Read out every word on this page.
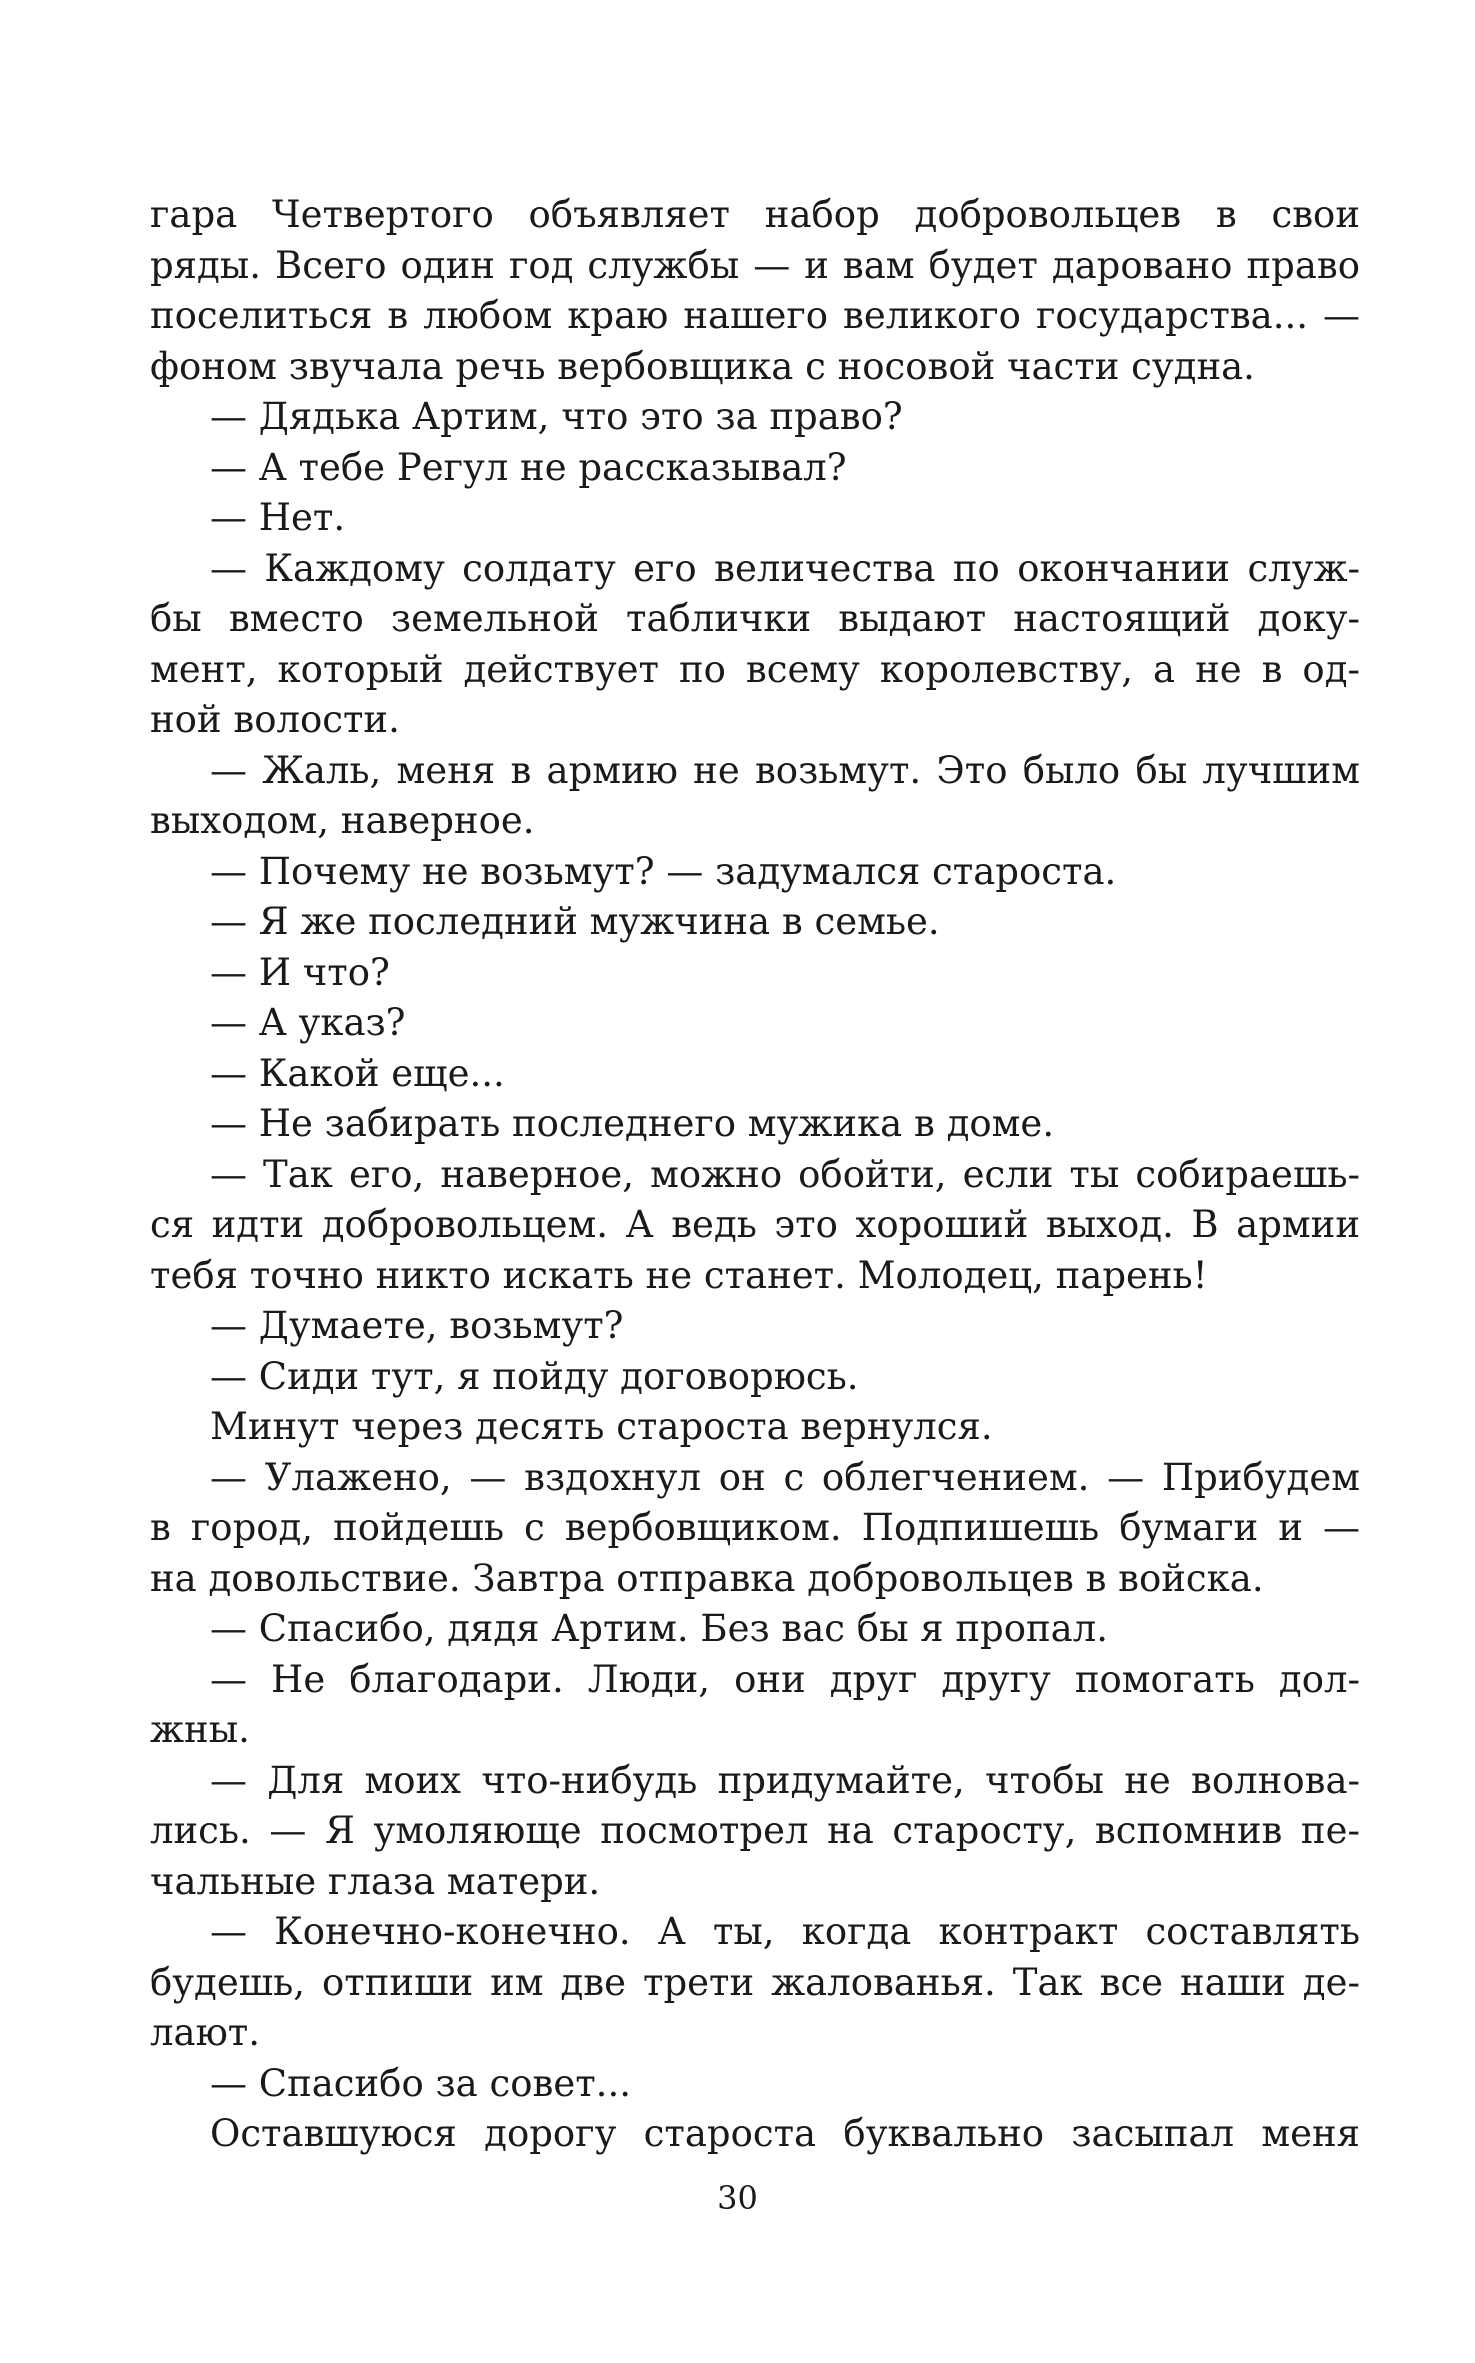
гара Четвертого объявляет набор добровольцев в свои
ряды. Всего один год службы — и вам будет даровано право
поселиться в любом краю нашего великого государства... —
фоном звучала речь вербовщика с носовой части судна.
— Дядька Артим, что это за право?
— А тебе Регул не рассказывал?
— Нет.
— Каждому солдату его величества по окончании служ-
бы вместо земельной таблички выдают настоящий доку-
мент, который действует по всему королевству, а не в од-
ной волости.
— Жаль, меня в армию не возьмут. Это было бы лучшим
выходом, наверное.
— Почему не возьмут? — задумался староста.
— Я же последний мужчина в семье.
— И что?
— А указ?
— Какой еще...
— Не забирать последнего мужика в доме.
— Так его, наверное, можно обойти, если ты собираешь-
ся идти добровольцем. А ведь это хороший выход. В армии
тебя точно никто искать не станет. Молодец, парень!
— Думаете, возьмут?
— Сиди тут, я пойду договорюсь.
Минут через десять староста вернулся.
— Улажено, — вздохнул он с облегчением. — Прибудем
в город, пойдешь с вербовщиком. Подпишешь бумаги и —
на довольствие. Завтра отправка добровольцев в войска.
— Спасибо, дядя Артим. Без вас бы я пропал.
— Не благодари. Люди, они друг другу помогать дол-
жны.
— Для моих что-нибудь придумайте, чтобы не волнова-
лись. — Я умоляюще посмотрел на старосту, вспомнив пе-
чальные глаза матери.
— Конечно-конечно. А ты, когда контракт составлять
будешь, отпиши им две трети жалованья. Так все наши де-
лают.
— Спасибо за совет...
Оставшуюся дорогу староста буквально засыпал меня
30
